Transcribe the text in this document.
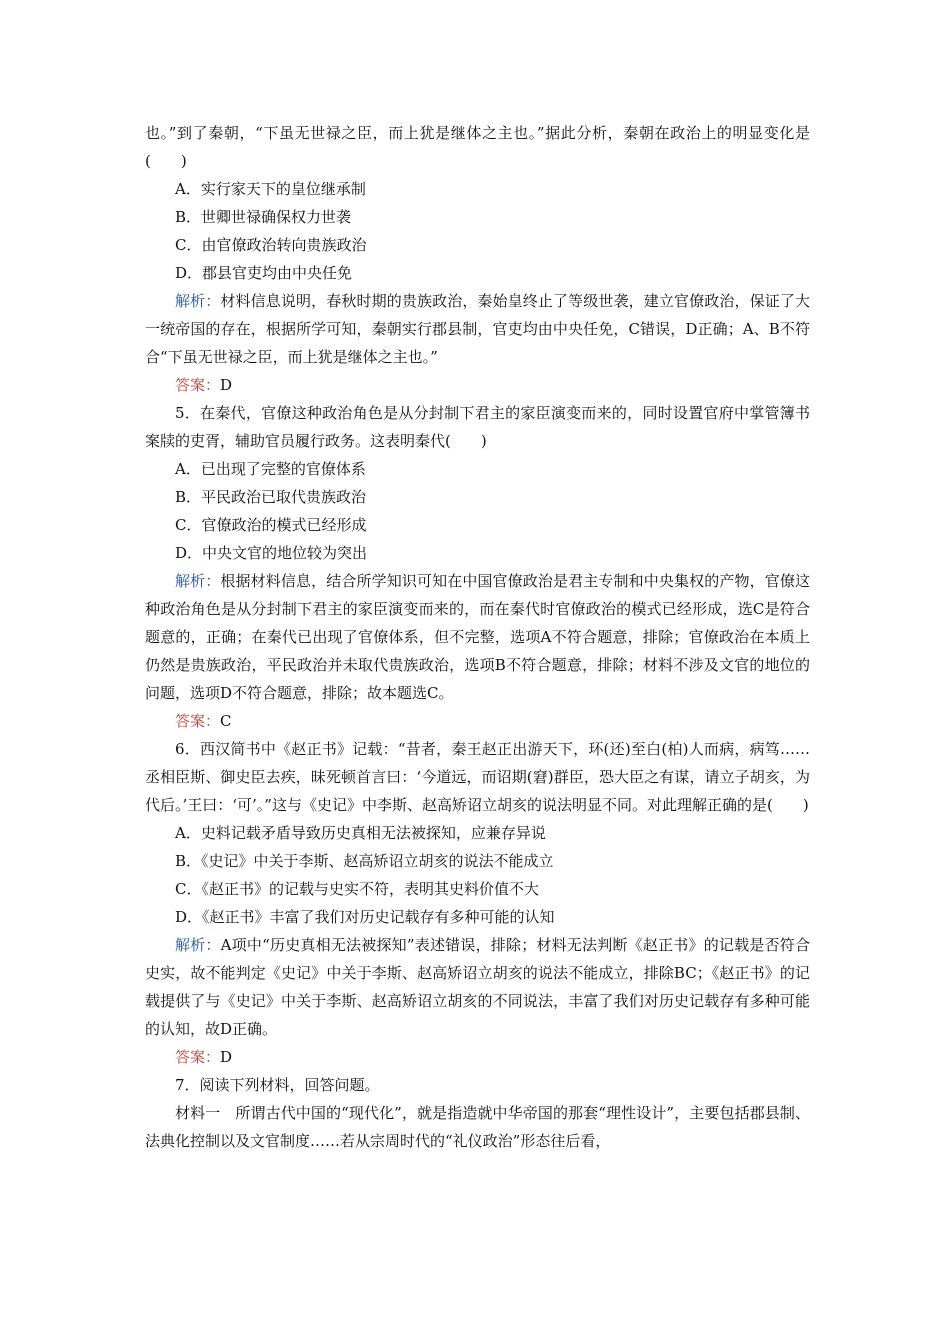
也。”到了秦朝，“下虽无世禄之臣，而上犹是继体之主也。”据此分析，秦朝在政治上的明显变化是(　　)

A．实行家天下的皇位继承制

B．世卿世禄确保权力世袭

C．由官僚政治转向贵族政治

D．郡县官吏均由中央任免

解析：材料信息说明，春秋时期的贵族政治，秦始皇终止了等级世袭，建立官僚政治，保证了大一统帝国的存在，根据所学可知，秦朝实行郡县制，官吏均由中央任免，C错误，D正确；A、B不符合“下虽无世禄之臣，而上犹是继体之主也。”

答案：D

5．在秦代，官僚这种政治角色是从分封制下君主的家臣演变而来的，同时设置官府中掌管簿书案牍的吏胥，辅助官员履行政务。这表明秦代(　　)

A．已出现了完整的官僚体系

B．平民政治已取代贵族政治

C．官僚政治的模式已经形成

D．中央文官的地位较为突出

解析：根据材料信息，结合所学知识可知在中国官僚政治是君主专制和中央集权的产物，官僚这种政治角色是从分封制下君主的家臣演变而来的，而在秦代时官僚政治的模式已经形成，选C是符合题意的，正确；在秦代已出现了官僚体系，但不完整，选项A不符合题意，排除；官僚政治在本质上仍然是贵族政治，平民政治并未取代贵族政治，选项B不符合题意，排除；材料不涉及文官的地位的问题，选项D不符合题意，排除；故本题选C。

答案：C

6．西汉简书中《赵正书》记载：“昔者，秦王赵正出游天下，环(还)至白(柏)人而病，病笃……丞相臣斯、御史臣去疾，昧死顿首言曰：‘今道远，而诏期(窘)群臣，恐大臣之有谋，请立子胡亥，为代后。’王曰：‘可’。”这与《史记》中李斯、赵高矫诏立胡亥的说法明显不同。对此理解正确的是(　　)

A．史料记载矛盾导致历史真相无法被探知，应兼存异说

B．《史记》中关于李斯、赵高矫诏立胡亥的说法不能成立

C．《赵正书》的记载与史实不符，表明其史料价值不大

D．《赵正书》丰富了我们对历史记载存有多种可能的认知

解析：A项中“历史真相无法被探知”表述错误，排除；材料无法判断《赵正书》的记载是否符合史实，故不能判定《史记》中关于李斯、赵高矫诏立胡亥的说法不能成立，排除BC；《赵正书》的记载提供了与《史记》中关于李斯、赵高矫诏立胡亥的不同说法，丰富了我们对历史记载存有多种可能的认知，故D正确。

答案：D

7．阅读下列材料，回答问题。

材料一　所谓古代中国的“现代化”，就是指造就中华帝国的那套“理性设计”，主要包括郡县制、法典化控制以及文官制度……若从宗周时代的“礼仪政治”形态往后看，
